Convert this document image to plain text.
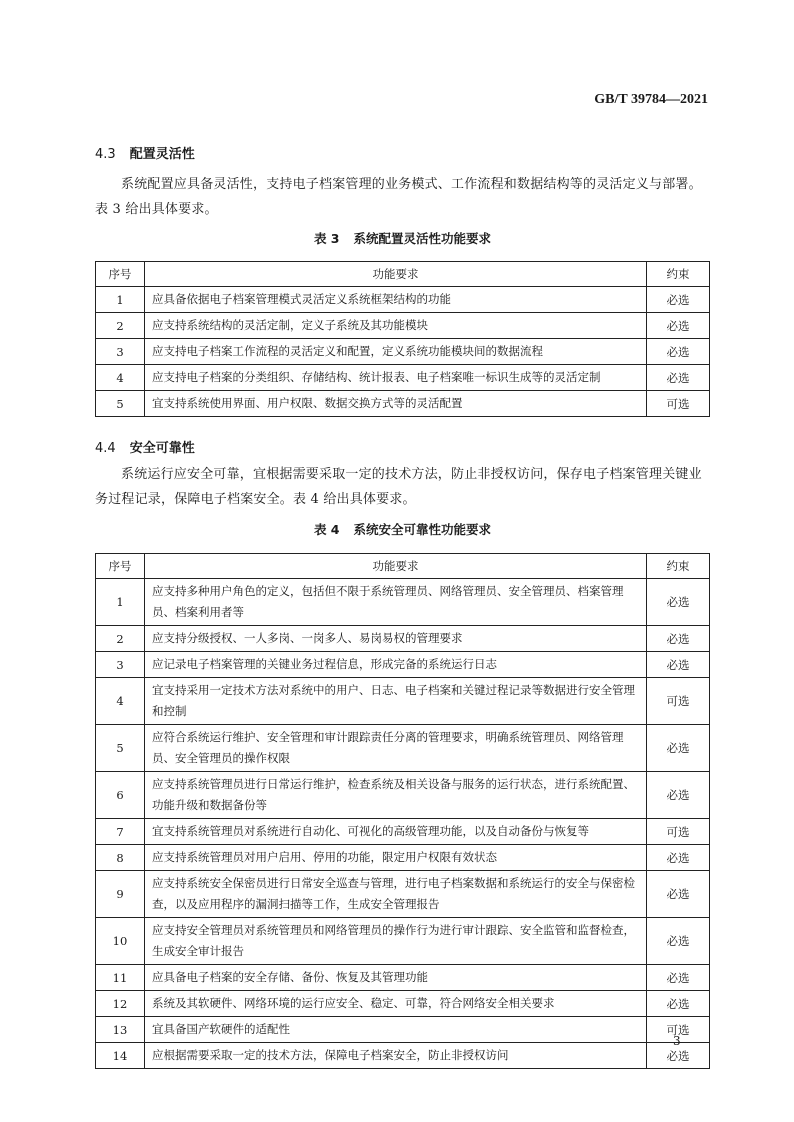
GB/T 39784—2021
4.3 配置灵活性
系统配置应具备灵活性，支持电子档案管理的业务模式、工作流程和数据结构等的灵活定义与部署。表 3 给出具体要求。
表 3 系统配置灵活性功能要求
序号	功能要求	约束
1	应具备依据电子档案管理模式灵活定义系统框架结构的功能	必选
2	应支持系统结构的灵活定制，定义子系统及其功能模块	必选
3	应支持电子档案工作流程的灵活定义和配置，定义系统功能模块间的数据流程	必选
4	应支持电子档案的分类组织、存储结构、统计报表、电子档案唯一标识生成等的灵活定制	必选
5	宜支持系统使用界面、用户权限、数据交换方式等的灵活配置	可选
4.4 安全可靠性
系统运行应安全可靠，宜根据需要采取一定的技术方法，防止非授权访问，保存电子档案管理关键业务过程记录，保障电子档案安全。表 4 给出具体要求。
表 4 系统安全可靠性功能要求
序号	功能要求	约束
1	应支持多种用户角色的定义，包括但不限于系统管理员、网络管理员、安全管理员、档案管理员、档案利用者等	必选
2	应支持分级授权、一人多岗、一岗多人、易岗易权的管理要求	必选
3	应记录电子档案管理的关键业务过程信息，形成完备的系统运行日志	必选
4	宜支持采用一定技术方法对系统中的用户、日志、电子档案和关键过程记录等数据进行安全管理和控制	可选
5	应符合系统运行维护、安全管理和审计跟踪责任分离的管理要求，明确系统管理员、网络管理员、安全管理员的操作权限	必选
6	应支持系统管理员进行日常运行维护，检查系统及相关设备与服务的运行状态，进行系统配置、功能升级和数据备份等	必选
7	宜支持系统管理员对系统进行自动化、可视化的高级管理功能，以及自动备份与恢复等	可选
8	应支持系统管理员对用户启用、停用的功能，限定用户权限有效状态	必选
9	应支持系统安全保密员进行日常安全巡查与管理，进行电子档案数据和系统运行的安全与保密检查，以及应用程序的漏洞扫描等工作，生成安全管理报告	必选
10	应支持安全管理员对系统管理员和网络管理员的操作行为进行审计跟踪、安全监管和监督检查，生成安全审计报告	必选
11	应具备电子档案的安全存储、备份、恢复及其管理功能	必选
12	系统及其软硬件、网络环境的运行应安全、稳定、可靠，符合网络安全相关要求	必选
13	宜具备国产软硬件的适配性	可选
14	应根据需要采取一定的技术方法，保障电子档案安全，防止非授权访问	必选
3
